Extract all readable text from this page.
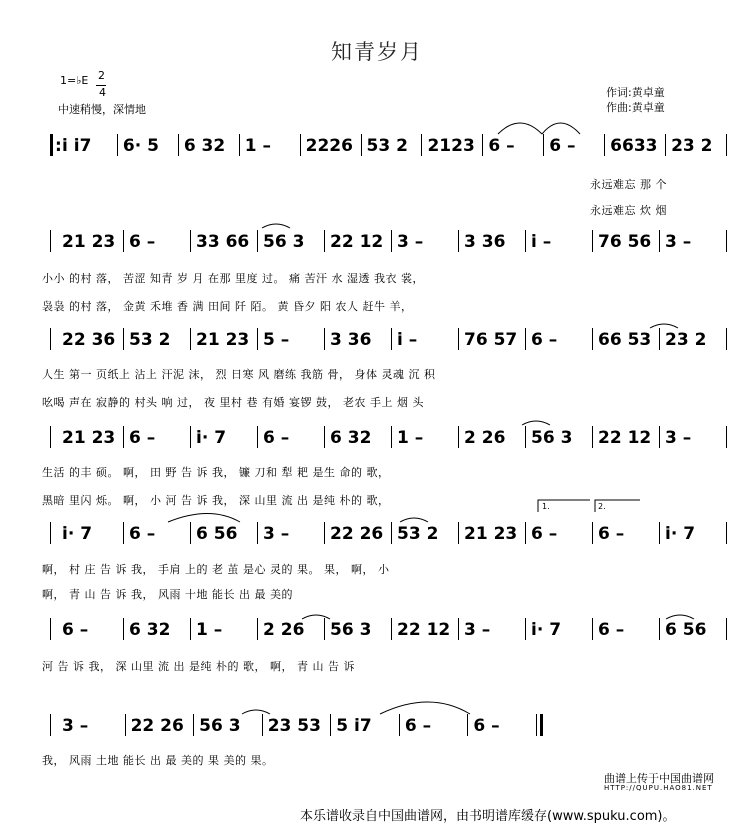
知青岁月
1=♭E 2
4
中速稍慢，深情地
作词:黄卓童
作曲:黄卓童
: i̇ i̇7 6· 5 6 32 1 – 2226 53 2 2123 6 – 6 – 6633 23 2
21 23 6 – 33 66 56 3 22 12 3 – 3 36 i̇ –	76 56 3 –
22 36 53 2 21 23 5 – 3 36 i̇ –	76 57 6 – 66 53 23 2
21 23 6 – i̇· 7 6 – 6 32 1 – 2 26 56 3 22 12 3 –
i̇· 7 6 – 6 56 3 – 22 26 53 2 21 23 6 – 6 – i̇· 7
6 – 6 32 1 – 2 26 56 3 22 12 3 – i̇· 7 6 – 6 56
3 – 22 26 56 3 23 53 5 i̇7 6 – 6 –
永远难忘 那 个
永远难忘 炊 烟
小小 的村 落， 苦涩 知青 岁 月 在那 里度 过。 痛 苦汗 水 湿透 我衣 裳，
袅袅 的村 落， 金黄 禾堆 香 满 田间 阡 陌。 黄 昏夕 阳 农人 赶牛 羊，
人生 第一 页纸上 沾上 汗泥 沫， 烈 日寒 风 磨练 我筋 骨， 身体 灵魂 沉 积
吆喝 声在 寂静的 村头 响 过， 夜 里村 巷 有婚 宴锣 鼓， 老农 手上 烟 头
生活 的丰 硕。 啊， 田 野 告 诉 我， 镰 刀和 犁 耙 是生 命的 歌，
黑暗 里闪 烁。 啊， 小 河 告 诉 我， 深 山里 流 出 是纯 朴的 歌，
啊， 村 庄 告 诉 我， 手肩 上的 老 茧 是心 灵的 果。 果， 啊， 小
啊， 青 山 告 诉 我， 风雨 十地 能长 出 最 美的
河 告 诉 我， 深 山里 流 出 是纯 朴的 歌， 啊， 青 山 告 诉
我， 风雨 土地 能长 出 最 美的 果 美的 果。
1.	2.
曲谱上传于中国曲谱网
HTTP://QUPU.HAO81.NET
本乐谱收录自中国曲谱网，由书明谱库缓存(www.spuku.com)。
